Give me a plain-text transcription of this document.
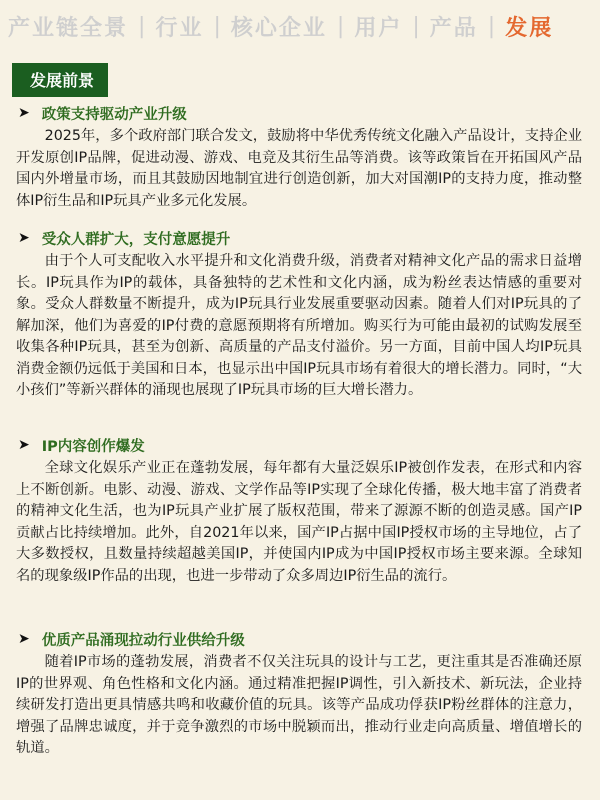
产业链全景 | 行业 | 核心企业 | 用户 | 产品 | 发展
发展前景
➤ 政策支持驱动产业升级

2025年，多个政府部门联合发文，鼓励将中华优秀传统文化融入产品设计，支持企业开发原创IP品牌，促进动漫、游戏、电竞及其衍生品等消费。该等政策旨在开拓国风产品国内外增量市场，而且其鼓励因地制宜进行创造创新，加大对国潮IP的支持力度，推动整体IP衍生品和IP玩具产业多元化发展。

➤ 受众人群扩大，支付意愿提升

由于个人可支配收入水平提升和文化消费升级，消费者对精神文化产品的需求日益增长。IP玩具作为IP的载体，具备独特的艺术性和文化内涵，成为粉丝表达情感的重要对象。受众人群数量不断提升，成为IP玩具行业发展重要驱动因素。随着人们对IP玩具的了解加深，他们为喜爱的IP付费的意愿预期将有所增加。购买行为可能由最初的试购发展至收集各种IP玩具，甚至为创新、高质量的产品支付溢价。另一方面，目前中国人均IP玩具消费金额仍远低于美国和日本，也显示出中国IP玩具市场有着很大的增长潜力。同时，“大小孩们”等新兴群体的涌现也展现了IP玩具市场的巨大增长潜力。

➤ IP内容创作爆发

全球文化娱乐产业正在蓬勃发展，每年都有大量泛娱乐IP被创作发表，在形式和内容上不断创新。电影、动漫、游戏、文学作品等IP实现了全球化传播，极大地丰富了消费者的精神文化生活，也为IP玩具产业扩展了版权范围，带来了源源不断的创造灵感。国产IP贡献占比持续增加。此外，自2021年以来，国产IP占据中国IP授权市场的主导地位，占了大多数授权，且数量持续超越美国IP，并使国内IP成为中国IP授权市场主要来源。全球知名的现象级IP作品的出现，也进一步带动了众多周边IP衍生品的流行。

➤ 优质产品涌现拉动行业供给升级

随着IP市场的蓬勃发展，消费者不仅关注玩具的设计与工艺，更注重其是否准确还原IP的世界观、角色性格和文化内涵。通过精准把握IP调性，引入新技术、新玩法，企业持续研发打造出更具情感共鸣和收藏价值的玩具。该等产品成功俘获IP粉丝群体的注意力，增强了品牌忠诚度，并于竞争激烈的市场中脱颖而出，推动行业走向高质量、增值增长的轨道。
